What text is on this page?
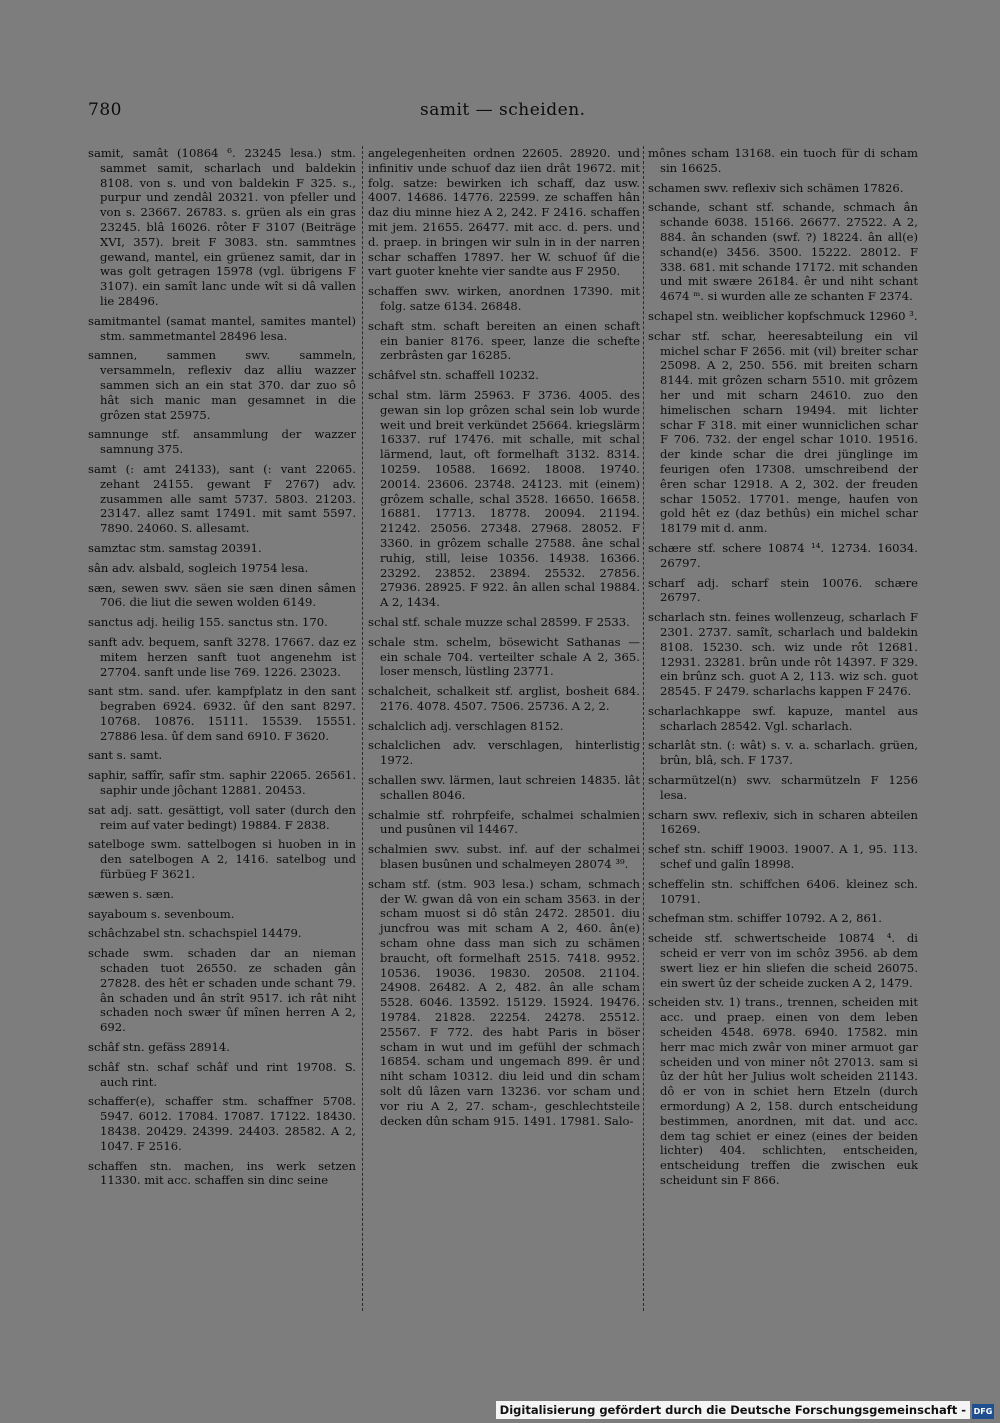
780	samit — scheiden.

samit, samât (10864 ⁶. 23245 lesa.) stm. sammet samit, scharlach und baldekin 8108. von s. und von baldekin F 325. s., purpur und zendâl 20321. von pfeller und von s. 23667. 26783. s. grüen als ein gras 23245. blâ 16026. rôter F 3107 (Beiträge XVI, 357). breit F 3083. stn. sammtnes gewand, mantel, ein grüenez samit, dar in was golt getragen 15978 (vgl. übrigens F 3107). ein samît lanc unde wît si dâ vallen lie 28496.

samitmantel (samat mantel, samites mantel) stm. sammetmantel 28496 lesa.

samnen, sammen swv. sammeln, versammeln, reflexiv daz alliu wazzer sammen sich an ein stat 370. dar zuo sô hât sich manic man gesamnet in die grôzen stat 25975.

samnunge stf. ansammlung der wazzer samnung 375.

samt (: amt 24133), sant (: vant 22065. zehant 24155. gewant F 2767) adv. zusammen alle samt 5737. 5803. 21203. 23147. allez samt 17491. mit samt 5597. 7890. 24060. S. allesamt.

samztac stm. samstag 20391.

sân adv. alsbald, sogleich 19754 lesa.

sæn, sewen swv. säen sie sæn dinen sâmen 706. die liut die sewen wolden 6149.

sanctus adj. heilig 155. sanctus stn. 170.

sanft adv. bequem, sanft 3278. 17667. daz ez mitem herzen sanft tuot angenehm ist 27704. sanft unde lise 769. 1226. 23023.

sant stm. sand. ufer. kampfplatz in den sant begraben 6924. 6932. ûf den sant 8297. 10768. 10876. 15111. 15539. 15551. 27886 lesa. ûf dem sand 6910. F 3620.

sant s. samt.

saphir, saffîr, safîr stm. saphir 22065. 26561. saphir unde jôchant 12881. 20453.

sat adj. satt. gesättigt, voll sater (durch den reim auf vater bedingt) 19884. F 2838.

satelboge swm. sattelbogen si huoben in in den satelbogen A 2, 1416. satelbog und fürbüeg F 3621.

sæwen s. sæn.

sayaboum s. sevenboum.

schâchzabel stn. schachspiel 14479.

schade swm. schaden dar an nieman schaden tuot 26550. ze schaden gân 27828. des hêt er schaden unde schant 79. ân schaden und ân strît 9517. ich rât niht schaden noch swær ûf mînen herren A 2, 692.

schâf stn. gefäss 28914.

schâf stn. schaf schâf und rint 19708. S. auch rint.

schaffer(e), schaffer stm. schaffner 5708. 5947. 6012. 17084. 17087. 17122. 18430. 18438. 20429. 24399. 24403. 28582. A 2, 1047. F 2516.

schaffen stn. machen, ins werk setzen 11330. mit acc. schaffen sin dinc seine

angelegenheiten ordnen 22605. 28920. und infinitiv unde schuof daz iien drât 19672. mit folg. satze: bewirken ich schaff, daz usw. 4007. 14686. 14776. 22599. ze schaffen hân daz diu minne hiez A 2, 242. F 2416. schaffen mit jem. 21655. 26477. mit acc. d. pers. und d. praep. in bringen wir suln in in der narren schar schaffen 17897. her W. schuof ûf die vart guoter knehte vier sandte aus F 2950.

schaffen swv. wirken, anordnen 17390. mit folg. satze 6134. 26848.

schaft stm. schaft bereiten an einen schaft ein banier 8176. speer, lanze die schefte zerbrâsten gar 16285.

schâfvel stn. schaffell 10232.

schal stm. lärm 25963. F 3736. 4005. des gewan sin lop grôzen schal sein lob wurde weit und breit verkündet 25664. kriegslärm 16337. ruf 17476. mit schalle, mit schal lärmend, laut, oft formelhaft 3132. 8314. 10259. 10588. 16692. 18008. 19740. 20014. 23606. 23748. 24123. mit (einem) grôzem schalle, schal 3528. 16650. 16658. 16881. 17713. 18778. 20094. 21194. 21242. 25056. 27348. 27968. 28052. F 3360. in grôzem schalle 27588. âne schal ruhig, still, leise 10356. 14938. 16366. 23292. 23852. 23894. 25532. 27856. 27936. 28925. F 922. ân allen schal 19884. A 2, 1434.

schal stf. schale muzze schal 28599. F 2533.

schale stm. schelm, bösewicht Sathanas — ein schale 704. verteilter schale A 2, 365. loser mensch, lüstling 23771.

schalcheit, schalkeit stf. arglist, bosheit 684. 2176. 4078. 4507. 7506. 25736. A 2, 2.

schalclich adj. verschlagen 8152.

schalclichen adv. verschlagen, hinterlistig 1972.

schallen swv. lärmen, laut schreien 14835. lât schallen 8046.

schalmie stf. rohrpfeife, schalmei schalmien und pusûnen vil 14467.

schalmien swv. subst. inf. auf der schalmei blasen busûnen und schalmeyen 28074 ³⁹.

scham stf. (stm. 903 lesa.) scham, schmach der W. gwan dâ von ein scham 3563. in der scham muost si dô stân 2472. 28501. diu juncfrou was mit scham A 2, 460. ân(e) scham ohne dass man sich zu schämen braucht, oft formelhaft 2515. 7418. 9952. 10536. 19036. 19830. 20508. 21104. 24908. 26482. A 2, 482. ân alle scham 5528. 6046. 13592. 15129. 15924. 19476. 19784. 21828. 22254. 24278. 25512. 25567. F 772. des habt Paris in böser scham in wut und im gefühl der schmach 16854. scham und ungemach 899. êr und niht scham 10312. diu leid und din scham solt dû lâzen varn 13236. vor scham und vor riu A 2, 27. scham-, geschlechtsteile decken dûn scham 915. 1491. 17981. Salo-

mônes scham 13168. ein tuoch für di scham sin 16625.

schamen swv. reflexiv sich schämen 17826.

schande, schant stf. schande, schmach ân schande 6038. 15166. 26677. 27522. A 2, 884. ân schanden (swf. ?) 18224. ân all(e) schand(e) 3456. 3500. 15222. 28012. F 338. 681. mit schande 17172. mit schanden und mit swære 26184. êr und niht schant 4674 ᵐ. si wurden alle ze schanten F 2374.

schapel stn. weiblicher kopfschmuck 12960 ³.

schar stf. schar, heeresabteilung ein vil michel schar F 2656. mit (vil) breiter schar 25098. A 2, 250. 556. mit breiten scharn 8144. mit grôzen scharn 5510. mit grôzem her und mit scharn 24610. zuo den himelischen scharn 19494. mit lichter schar F 318. mit einer wunniclichen schar F 706. 732. der engel schar 1010. 19516. der kinde schar die drei jünglinge im feurigen ofen 17308. umschreibend der êren schar 12918. A 2, 302. der freuden schar 15052. 17701. menge, haufen von gold hêt ez (daz bethûs) ein michel schar 18179 mit d. anm.

schære stf. schere 10874 ¹⁴. 12734. 16034. 26797.

scharf adj. scharf stein 10076. schære 26797.

scharlach stn. feines wollenzeug, scharlach F 2301. 2737. samît, scharlach und baldekin 8108. 15230. sch. wiz unde rôt 12681. 12931. 23281. brûn unde rôt 14397. F 329. ein brûnz sch. guot A 2, 113. wiz sch. guot 28545. F 2479. scharlachs kappen F 2476.

scharlachkappe swf. kapuze, mantel aus scharlach 28542. Vgl. scharlach.

scharlât stn. (: wât) s. v. a. scharlach. grüen, brûn, blâ, sch. F 1737.

scharmützel(n) swv. scharmützeln F 1256 lesa.

scharn swv. reflexiv, sich in scharen abteilen 16269.

schef stn. schiff 19003. 19007. A 1, 95. 113. schef und galîn 18998.

scheffelin stn. schiffchen 6406. kleinez sch. 10791.

schefman stm. schiffer 10792. A 2, 861.

scheide stf. schwertscheide 10874 ⁴. di scheid er verr von im schôz 3956. ab dem swert liez er hin sliefen die scheid 26075. ein swert ûz der scheide zucken A 2, 1479.

scheiden stv. 1) trans., trennen, scheiden mit acc. und praep. einen von dem leben scheiden 4548. 6978. 6940. 17582. min herr mac mich zwâr von miner armuot gar scheiden und von miner nôt 27013. sam si ûz der hût her Julius wolt scheiden 21143. dô er von in schiet hern Etzeln (durch ermordung) A 2, 158. durch entscheidung bestimmen, anordnen, mit dat. und acc. dem tag schiet er einez (eines der beiden lichter) 404. schlichten, entscheiden, entscheidung treffen die zwischen euk scheidunt sin F 866.

Digitalisierung gefördert durch die Deutsche Forschungsgemeinschaft - DFG
